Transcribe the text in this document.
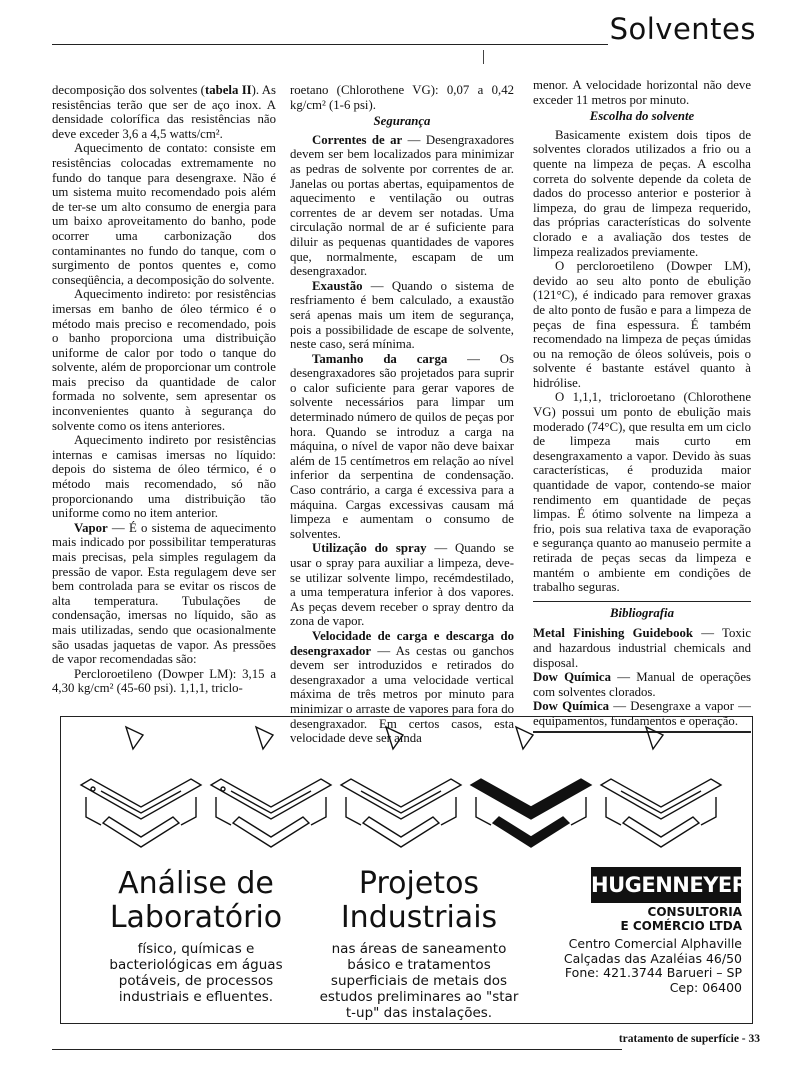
Solventes

decomposição dos solventes (tabela II). As resistências terão que ser de aço inox. A densidade colorífica das resistências não deve exceder 3,6 a 4,5 watts/cm².

Aquecimento de contato: consiste em resistências colocadas extremamente no fundo do tanque para desengraxe. Não é um sistema muito recomendado pois além de ter-se um alto consumo de energia para um baixo aproveitamento do banho, pode ocorrer uma carbonização dos contaminantes no fundo do tanque, com o surgimento de pontos quentes e, como conseqüência, a decomposição do solvente.

Aquecimento indireto: por resistências imersas em banho de óleo térmico é o método mais preciso e recomendado, pois o banho proporciona uma distribuição uniforme de calor por todo o tanque do solvente, além de proporcionar um controle mais preciso da quantidade de calor formada no solvente, sem apresentar os inconvenientes quanto à segurança do solvente como os itens anteriores.

Aquecimento indireto por resistências internas e camisas imersas no líquido: depois do sistema de óleo térmico, é o método mais recomendado, só não proporcionando uma distribuição tão uniforme como no item anterior.

Vapor — É o sistema de aquecimento mais indicado por possibilitar temperaturas mais precisas, pela simples regulagem da pressão de vapor. Esta regulagem deve ser bem controlada para se evitar os riscos de alta temperatura. Tubulações de condensação, imersas no líquido, são as mais utilizadas, sendo que ocasionalmente são usadas jaquetas de vapor. As pressões de vapor recomendadas são:

Percloroetileno (Dowper LM): 3,15 a 4,30 kg/cm² (45-60 psi). 1,1,1, triclo-

roetano (Chlorothene VG): 0,07 a 0,42 kg/cm² (1-6 psi).

Segurança

Correntes de ar — Desengraxadores devem ser bem localizados para minimizar as pedras de solvente por correntes de ar. Janelas ou portas abertas, equipamentos de aquecimento e ventilação ou outras correntes de ar devem ser notadas. Uma circulação normal de ar é suficiente para diluir as pequenas quantidades de vapores que, normalmente, escapam de um desengraxador.

Exaustão — Quando o sistema de resfriamento é bem calculado, a exaustão será apenas mais um item de segurança, pois a possibilidade de escape de solvente, neste caso, será mínima.

Tamanho da carga — Os desengraxadores são projetados para suprir o calor suficiente para gerar vapores de solvente necessários para limpar um determinado número de quilos de peças por hora. Quando se introduz a carga na máquina, o nível de vapor não deve baixar além de 15 centímetros em relação ao nível inferior da serpentina de condensação. Caso contrário, a carga é excessiva para a máquina. Cargas excessivas causam má limpeza e aumentam o consumo de solventes.

Utilização do spray — Quando se usar o spray para auxiliar a limpeza, deve-se utilizar solvente limpo, recémdestilado, a uma temperatura inferior à dos vapores. As peças devem receber o spray dentro da zona de vapor.

Velocidade de carga e descarga do desengraxador — As cestas ou ganchos devem ser introduzidos e retirados do desengraxador a uma velocidade vertical máxima de três metros por minuto para minimizar o arraste de vapores para fora do desengraxador. Em certos casos, esta velocidade deve ser ainda

menor. A velocidade horizontal não deve exceder 11 metros por minuto.

Escolha do solvente

Basicamente existem dois tipos de solventes clorados utilizados a frio ou a quente na limpeza de peças. A escolha correta do solvente depende da coleta de dados do processo anterior e posterior à limpeza, do grau de limpeza requerido, das próprias características do solvente clorado e a avaliação dos testes de limpeza realizados previamente.

O percloroetileno (Dowper LM), devido ao seu alto ponto de ebulição (121°C), é indicado para remover graxas de alto ponto de fusão e para a limpeza de peças de fina espessura. É também recomendado na limpeza de peças úmidas ou na remoção de óleos solúveis, pois o solvente é bastante estável quanto à hidrólise.

O 1,1,1, tricloroetano (Chlorothene VG) possui um ponto de ebulição mais moderado (74°C), que resulta em um ciclo de limpeza mais curto em desengraxamento a vapor. Devido às suas características, é produzida maior quantidade de vapor, contendo-se maior rendimento em quantidade de peças limpas. É ótimo solvente na limpeza a frio, pois sua relativa taxa de evaporação e segurança quanto ao manuseio permite a retirada de peças secas da limpeza e mantém o ambiente em condições de trabalho seguras.

Bibliografia

Metal Finishing Guidebook — Toxic and hazardous industrial chemicals and disposal.

Dow Química — Manual de operações com solventes clorados.

Dow Química — Desengraxe a vapor — equipamentos, fundamentos e operação.

Análise de
Laboratório
físico, químicas e bacteriológicas em águas potáveis, de processos industriais e efluentes.
Projetos
Industriais
nas áreas de saneamento básico e tratamentos superficiais de metais dos estudos preliminares ao "star t-up" das instalações.
HUGENNEYER
CONSULTORIA
E COMÉRCIO LTDA
Centro Comercial Alphaville
Calçadas das Azaléias 46/50
Fone: 421.3744 Barueri – SP
Cep: 06400
tratamento de superfície - 33
